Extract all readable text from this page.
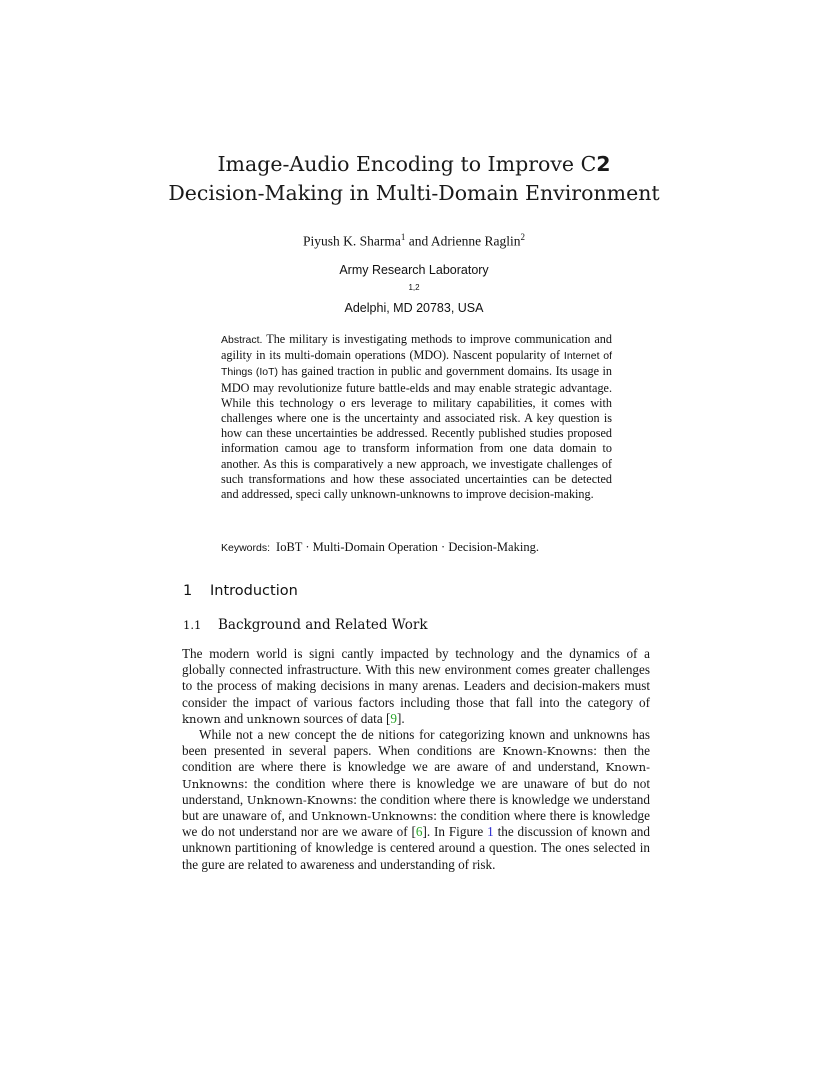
Image-Audio Encoding to Improve C2
Decision-Making in Multi-Domain Environment
Piyush K. Sharma$^1$ and Adrienne Raglin$^2$
Army Research Laboratory
$^{1,2}$
Adelphi, MD 20783, USA
Abstract. The military is investigating methods to improve communication and agility in its multi-domain operations (MDO). Nascent popularity of Internet of Things (IoT) has gained traction in public and government domains. Its usage in MDO may revolutionize future battle-elds and may enable strategic advantage. While this technology o ers leverage to military capabilities, it comes with challenges where one is the uncertainty and associated risk. A key question is how can these uncertainties be addressed. Recently published studies proposed information camou age to transform information from one data domain to another. As this is comparatively a new approach, we investigate challenges of such transformations and how these associated uncertainties can be detected and addressed, speci cally unknown-unknowns to improve decision-making.
Keywords: IoBT · Multi-Domain Operation · Decision-Making.
1 Introduction
1.1 Background and Related Work

The modern world is signi cantly impacted by technology and the dynamics of a globally connected infrastructure. With this new environment comes greater challenges to the process of making decisions in many arenas. Leaders and decision-makers must consider the impact of various factors including those that fall into the category of known and unknown sources of data [9].

While not a new concept the de nitions for categorizing known and unknowns has been presented in several papers. When conditions are Known-Knowns: then the condition are where there is knowledge we are aware of and understand, Known-Unknowns: the condition where there is knowledge we are unaware of but do not understand, Unknown-Knowns: the condition where there is knowledge we understand but are unaware of, and Unknown-Unknowns: the condition where there is knowledge we do not understand nor are we aware of [6]. In Figure 1 the discussion of known and unknown partitioning of knowledge is centered around a question. The ones selected in the gure are related to awareness and understanding of risk.
